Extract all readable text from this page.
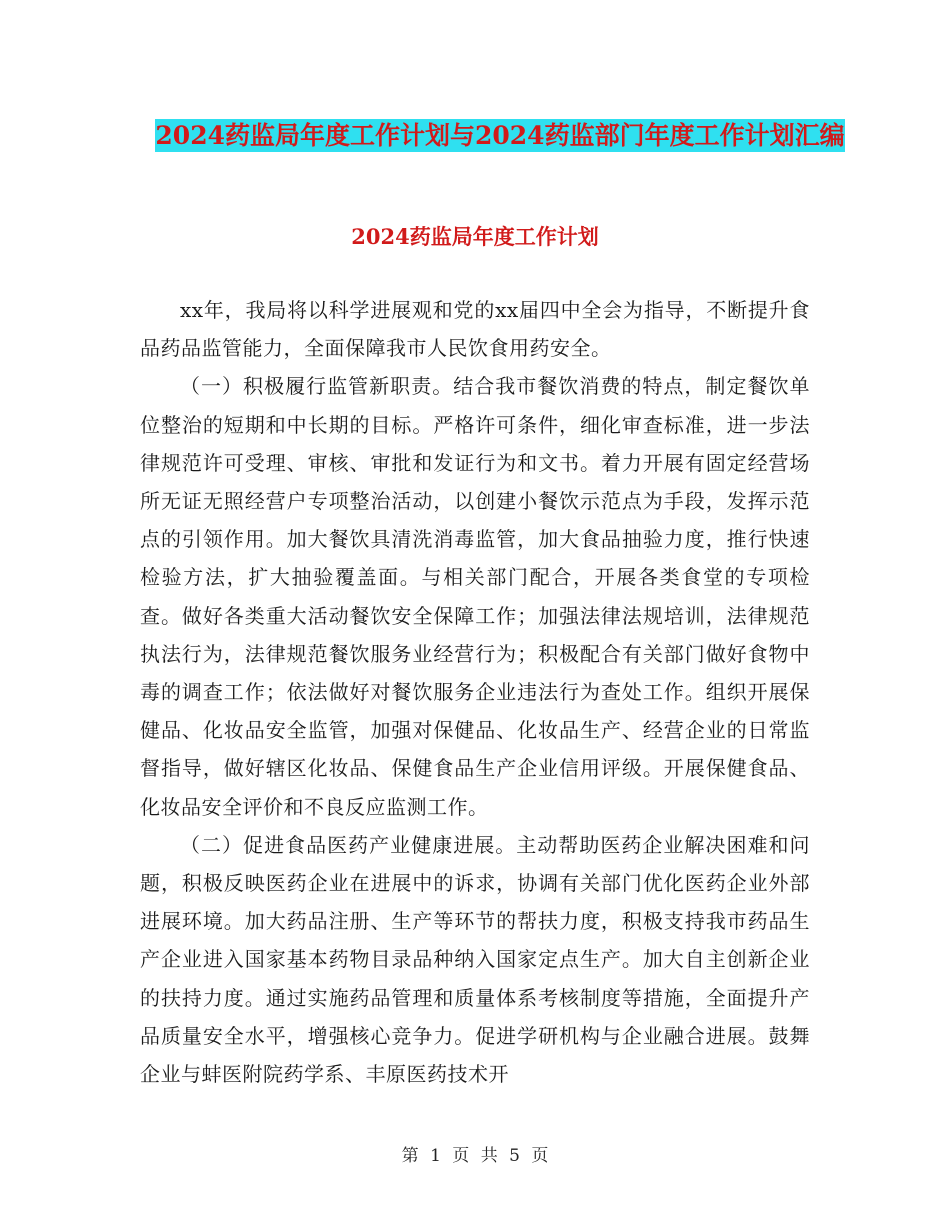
2024药监局年度工作计划与2024药监部门年度工作计划汇编
2024药监局年度工作计划

xx年，我局将以科学进展观和党的xx届四中全会为指导，不断提升食品药品监管能力，全面保障我市人民饮食用药安全。

（一）积极履行监管新职责。结合我市餐饮消费的特点，制定餐饮单位整治的短期和中长期的目标。严格许可条件，细化审查标准，进一步法律规范许可受理、审核、审批和发证行为和文书。着力开展有固定经营场所无证无照经营户专项整治活动，以创建小餐饮示范点为手段，发挥示范点的引领作用。加大餐饮具清洗消毒监管，加大食品抽验力度，推行快速检验方法，扩大抽验覆盖面。与相关部门配合，开展各类食堂的专项检查。做好各类重大活动餐饮安全保障工作；加强法律法规培训，法律规范执法行为，法律规范餐饮服务业经营行为；积极配合有关部门做好食物中毒的调查工作；依法做好对餐饮服务企业违法行为查处工作。组织开展保健品、化妆品安全监管，加强对保健品、化妆品生产、经营企业的日常监督指导，做好辖区化妆品、保健食品生产企业信用评级。开展保健食品、化妆品安全评价和不良反应监测工作。

（二）促进食品医药产业健康进展。主动帮助医药企业解决困难和问题，积极反映医药企业在进展中的诉求，协调有关部门优化医药企业外部进展环境。加大药品注册、生产等环节的帮扶力度，积极支持我市药品生产企业进入国家基本药物目录品种纳入国家定点生产。加大自主创新企业的扶持力度。通过实施药品管理和质量体系考核制度等措施，全面提升产品质量安全水平，增强核心竞争力。促进学研机构与企业融合进展。鼓舞企业与蚌医附院药学系、丰原医药技术开

第 1 页 共 5 页
